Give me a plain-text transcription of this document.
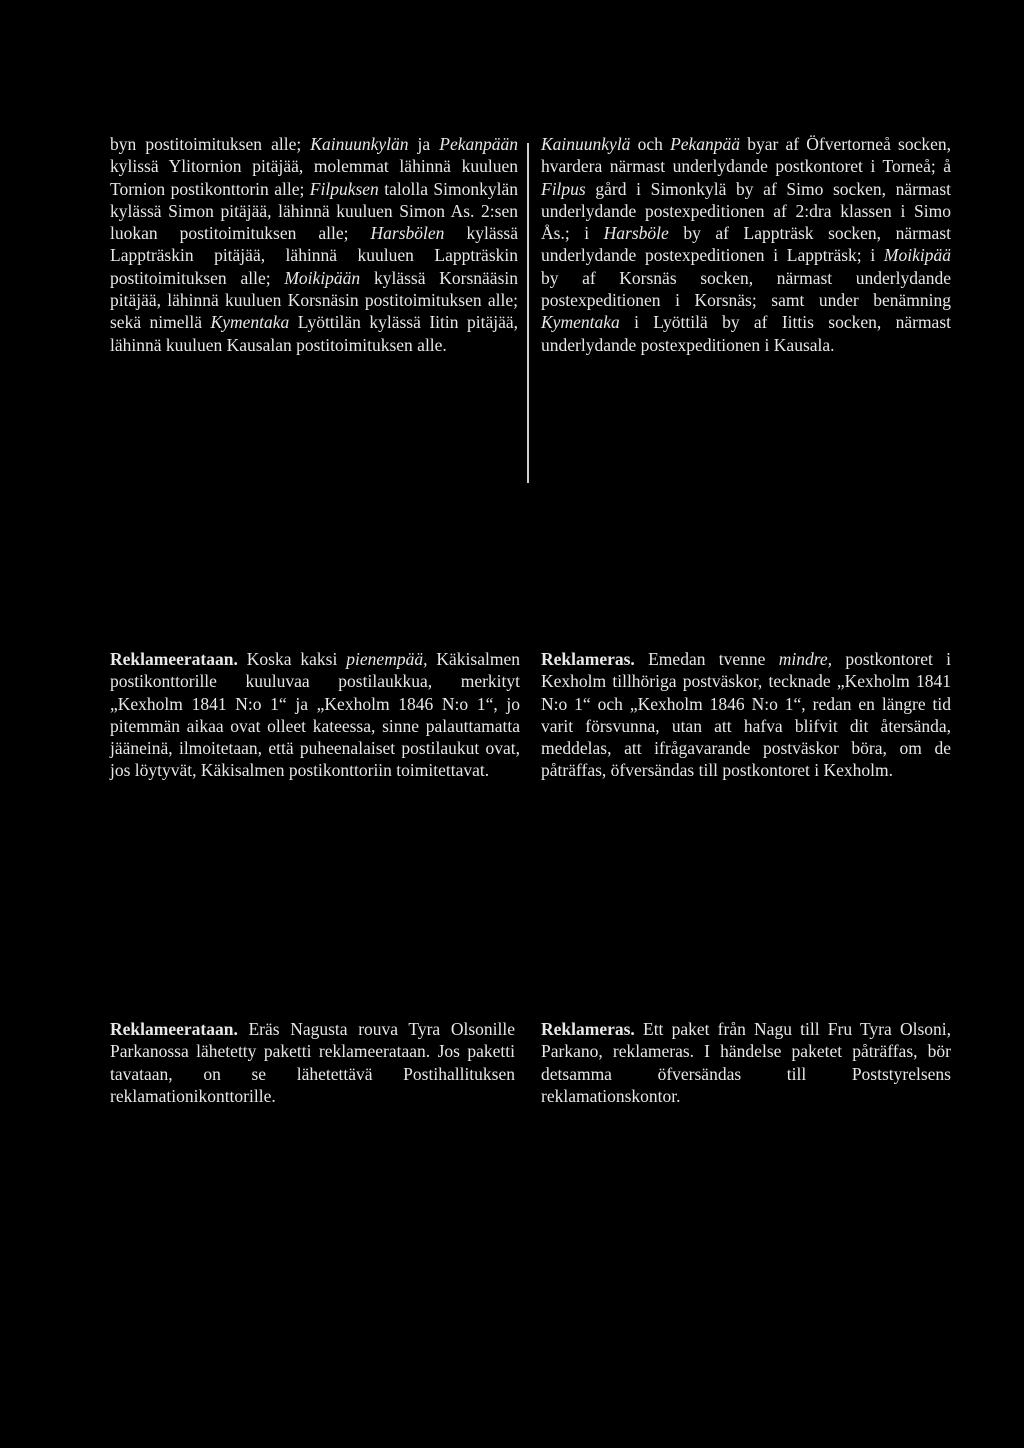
byn postitoimituksen alle; Kainuunkylän ja Pekanpään kylissä Ylitornion pitäjää, molemmat lähinnä kuuluen Tornion postikonttorin alle; Filpuksen talolla Simonkylän kylässä Simon pitäjää, lähinnä kuuluen Simon As. 2:sen luokan postitoimituksen alle; Harsbölen kylässä Lappträskin pitäjää, lähinnä kuuluen Lappträskin postitoimituksen alle; Moikipään kylässä Korsnääsin pitäjää, lähinnä kuuluen Korsnäsin postitoimituksen alle; sekä nimellä Kymentaka Lyöttilän kylässä Iitin pitäjää, lähinnä kuuluen Kausalan postitoimituksen alle.

Kainuunkylä och Pekanpää byar af Öfvertorneå socken, hvardera närmast underlydande postkontoret i Torneå; å Filpus gård i Simonkylä by af Simo socken, närmast underlydande postexpeditionen af 2:dra klassen i Simo Ås.; i Harsböle by af Lappträsk socken, närmast underlydande postexpeditionen i Lappträsk; i Moikipää by af Korsnäs socken, närmast underlydande postexpeditionen i Korsnäs; samt under benämning Kymentaka i Lyöttilä by af Iittis socken, närmast underlydande postexpeditionen i Kausala.

Reklameerataan. Koska kaksi pienempää, Käkisalmen postikonttorille kuuluvaa postilaukkua, merkityt „Kexholm 1841 N:o 1“ ja „Kexholm 1846 N:o 1“, jo pitemmän aikaa ovat olleet kateessa, sinne palauttamatta jääneinä, ilmoitetaan, että puheenalaiset postilaukut ovat, jos löytyvät, Käkisalmen postikonttoriin toimitettavat.

Reklameras. Emedan tvenne mindre, postkontoret i Kexholm tillhöriga postväskor, tecknade „Kexholm 1841 N:o 1“ och „Kexholm 1846 N:o 1“, redan en längre tid varit försvunna, utan att hafva blifvit dit återsända, meddelas, att ifrågavarande postväskor böra, om de påträffas, öfversändas till postkontoret i Kexholm.

Reklameerataan. Eräs Nagusta rouva Tyra Olsonille Parkanossa lähetetty paketti reklameerataan. Jos paketti tavataan, on se lähetettävä Postihallituksen reklamationikonttorille.

Reklameras. Ett paket från Nagu till Fru Tyra Olsoni, Parkano, reklameras. I händelse paketet påträffas, bör detsamma öfversändas till Poststyrelsens reklamationskontor.
